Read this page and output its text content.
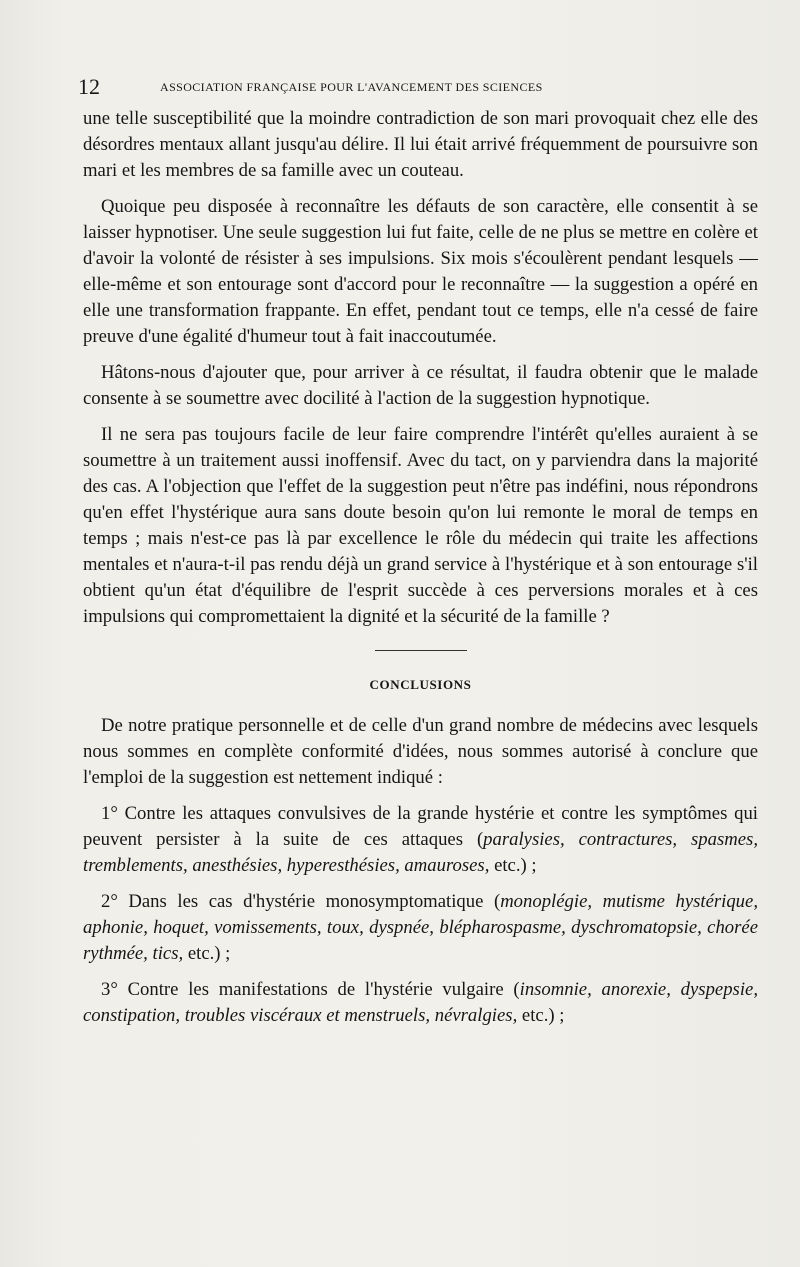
12	ASSOCIATION FRANÇAISE POUR L'AVANCEMENT DES SCIENCES

une telle susceptibilité que la moindre contradiction de son mari provoquait chez elle des désordres mentaux allant jusqu'au délire. Il lui était arrivé fréquemment de poursuivre son mari et les membres de sa famille avec un couteau.

Quoique peu disposée à reconnaître les défauts de son caractère, elle consentit à se laisser hypnotiser. Une seule suggestion lui fut faite, celle de ne plus se mettre en colère et d'avoir la volonté de résister à ses impulsions. Six mois s'écoulèrent pendant lesquels — elle-même et son entourage sont d'accord pour le reconnaître — la suggestion a opéré en elle une transformation frappante. En effet, pendant tout ce temps, elle n'a cessé de faire preuve d'une égalité d'humeur tout à fait inaccoutumée.

Hâtons-nous d'ajouter que, pour arriver à ce résultat, il faudra obtenir que le malade consente à se soumettre avec docilité à l'action de la suggestion hypnotique.

Il ne sera pas toujours facile de leur faire comprendre l'intérêt qu'elles auraient à se soumettre à un traitement aussi inoffensif. Avec du tact, on y parviendra dans la majorité des cas. A l'objection que l'effet de la suggestion peut n'être pas indéfini, nous répondrons qu'en effet l'hystérique aura sans doute besoin qu'on lui remonte le moral de temps en temps ; mais n'est-ce pas là par excellence le rôle du médecin qui traite les affections mentales et n'aura-t-il pas rendu déjà un grand service à l'hystérique et à son entourage s'il obtient qu'un état d'équilibre de l'esprit succède à ces perversions morales et à ces impulsions qui compromettaient la dignité et la sécurité de la famille ?

CONCLUSIONS

De notre pratique personnelle et de celle d'un grand nombre de médecins avec lesquels nous sommes en complète conformité d'idées, nous sommes autorisé à conclure que l'emploi de la suggestion est nettement indiqué :

1° Contre les attaques convulsives de la grande hystérie et contre les symptômes qui peuvent persister à la suite de ces attaques (paralysies, contractures, spasmes, tremblements, anesthésies, hyperesthésies, amauroses, etc.) ;

2° Dans les cas d'hystérie monosymptomatique (monoplégie, mutisme hystérique, aphonie, hoquet, vomissements, toux, dyspnée, blépharospasme, dyschromatopsie, chorée rythmée, tics, etc.) ;

3° Contre les manifestations de l'hystérie vulgaire (insomnie, anorexie, dyspepsie, constipation, troubles viscéraux et menstruels, névralgies, etc.) ;
